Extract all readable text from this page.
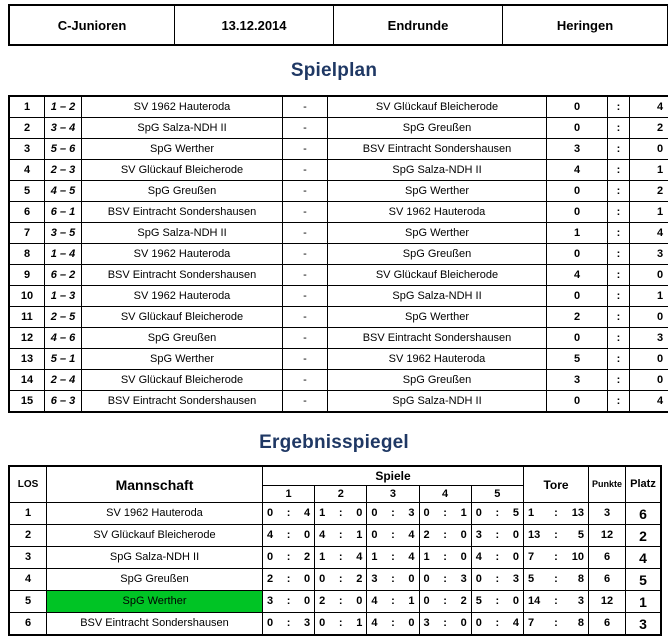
C-Junioren	13.12.2014	Endrunde	Heringen
Spielplan
1	1 – 2	SV 1962 Hauteroda	-	SV Glückauf Bleicherode	0	:	4
2	3 – 4	SpG Salza-NDH II	-	SpG Greußen	0	:	2
3	5 – 6	SpG Werther	-	BSV Eintracht Sondershausen	3	:	0
4	2 – 3	SV Glückauf Bleicherode	-	SpG Salza-NDH II	4	:	1
5	4 – 5	SpG Greußen	-	SpG Werther	0	:	2
6	6 – 1	BSV Eintracht Sondershausen	-	SV 1962 Hauteroda	0	:	1
7	3 – 5	SpG Salza-NDH II	-	SpG Werther	1	:	4
8	1 – 4	SV 1962 Hauteroda	-	SpG Greußen	0	:	3
9	6 – 2	BSV Eintracht Sondershausen	-	SV Glückauf Bleicherode	4	:	0
10	1 – 3	SV 1962 Hauteroda	-	SpG Salza-NDH II	0	:	1
11	2 – 5	SV Glückauf Bleicherode	-	SpG Werther	2	:	0
12	4 – 6	SpG Greußen	-	BSV Eintracht Sondershausen	0	:	3
13	5 – 1	SpG Werther	-	SV 1962 Hauteroda	5	:	0
14	2 – 4	SV Glückauf Bleicherode	-	SpG Greußen	3	:	0
15	6 – 3	BSV Eintracht Sondershausen	-	SpG Salza-NDH II	0	:	4
Ergebnisspiegel
LOS	Mannschaft	Spiele															Tore			Punkte	Platz
		1			2			3			4			5							
1	SV 1962 Hauteroda	0	:	4	1	:	0	0	:	3	0	:	1	0	:	5	1	:	13	3	6
2	SV Glückauf Bleicherode	4	:	0	4	:	1	0	:	4	2	:	0	3	:	0	13	:	5	12	2
3	SpG Salza-NDH II	0	:	2	1	:	4	1	:	4	1	:	0	4	:	0	7	:	10	6	4
4	SpG Greußen	2	:	0	0	:	2	3	:	0	0	:	3	0	:	3	5	:	8	6	5
5	SpG Werther	3	:	0	2	:	0	4	:	1	0	:	2	5	:	0	14	:	3	12	1
6	BSV Eintracht Sondershausen	0	:	3	0	:	1	4	:	0	3	:	0	0	:	4	7	:	8	6	3
